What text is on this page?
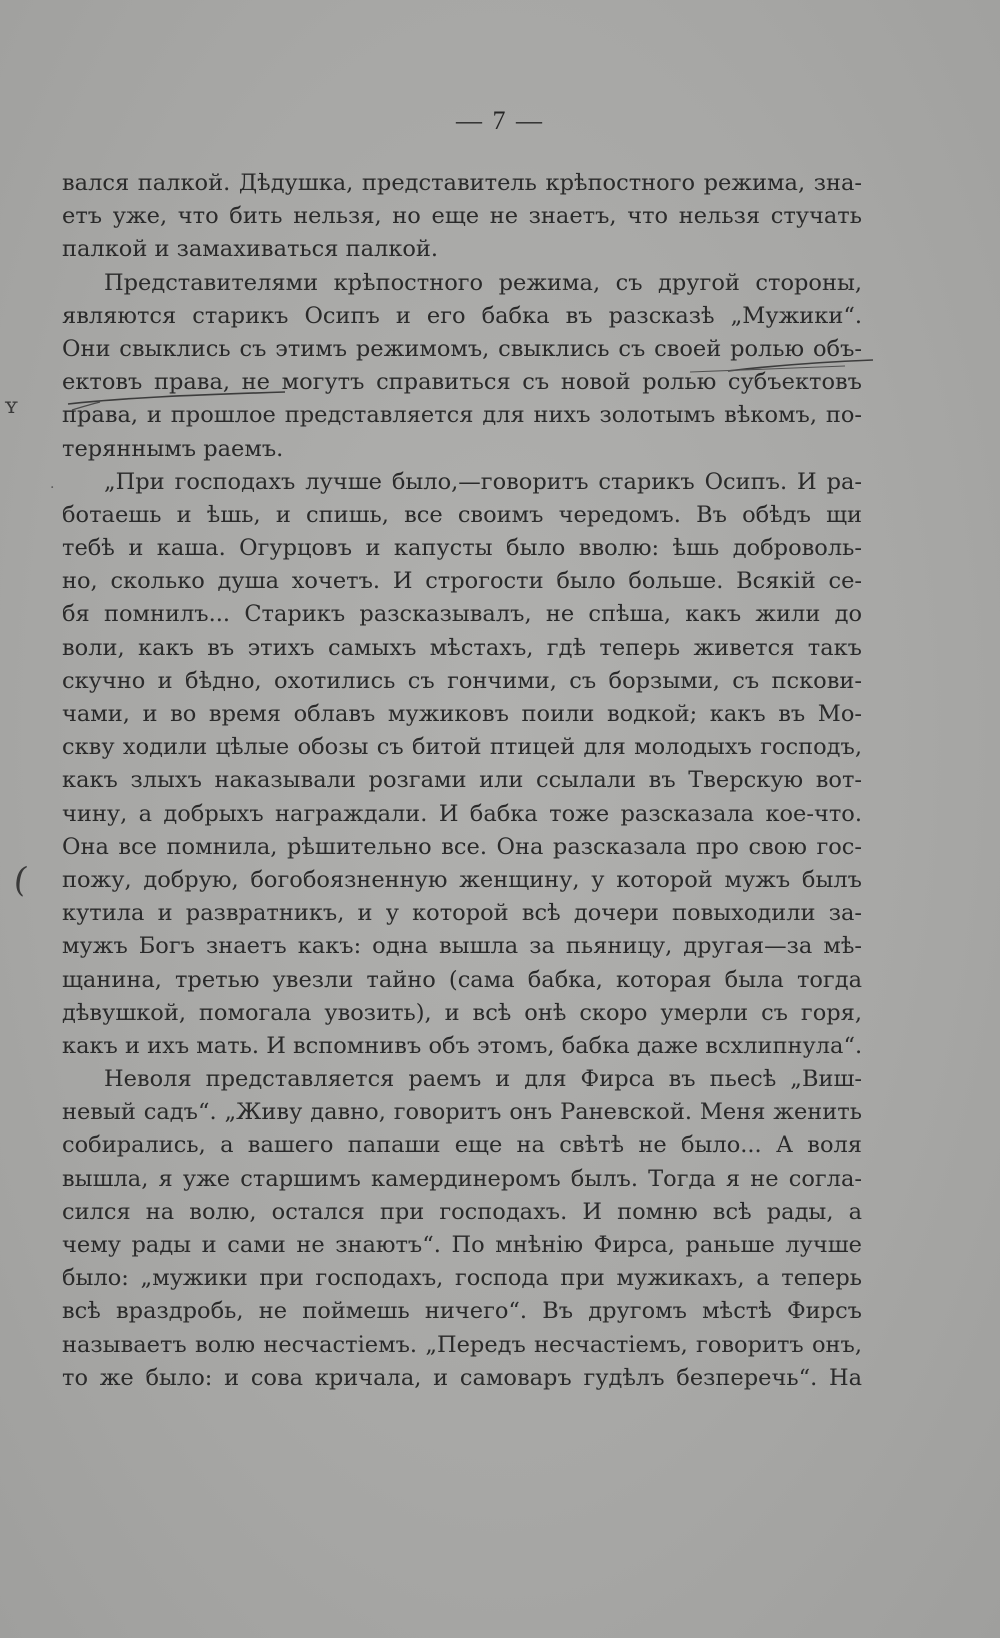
— 7 —
ʏ
(
·
вался палкой. Дѣдушка, представитель крѣпостного режима, зна-
етъ уже, что бить нельзя, но еще не знаетъ, что нельзя стучать
палкой и замахиваться палкой.
Представителями крѣпостного режима, съ другой стороны,
являются старикъ Осипъ и его бабка въ разсказѣ „Мужики“.
Они свыклись съ этимъ режимомъ, свыклись съ своей ролью объ-
ектовъ права, не могутъ справиться съ новой ролью субъектовъ
права, и прошлое представляется для нихъ золотымъ вѣкомъ, по-
теряннымъ раемъ.
„При господахъ лучше было,—говоритъ старикъ Осипъ. И ра-
ботаешь и ѣшь, и спишь, все своимъ чередомъ. Въ обѣдъ щи
тебѣ и каша. Огурцовъ и капусты было вволю: ѣшь доброволь-
но, сколько душа хочетъ. И строгости было больше. Всякій се-
бя помнилъ... Старикъ разсказывалъ, не спѣша, какъ жили до
воли, какъ въ этихъ самыхъ мѣстахъ, гдѣ теперь живется такъ
скучно и бѣдно, охотились съ гончими, съ борзыми, съ пскови-
чами, и во время облавъ мужиковъ поили водкой; какъ въ Мо-
скву ходили цѣлые обозы съ битой птицей для молодыхъ господъ,
какъ злыхъ наказывали розгами или ссылали въ Тверскую вот-
чину, а добрыхъ награждали. И бабка тоже разсказала кое-что.
Она все помнила, рѣшительно все. Она разсказала про свою гос-
пожу, добрую, богобоязненную женщину, у которой мужъ былъ
кутила и развратникъ, и у которой всѣ дочери повыходили за-
мужъ Богъ знаетъ какъ: одна вышла за пьяницу, другая—за мѣ-
щанина, третью увезли тайно (сама бабка, которая была тогда
дѣвушкой, помогала увозить), и всѣ онѣ скоро умерли съ горя,
какъ и ихъ мать. И вспомнивъ объ этомъ, бабка даже всхлипнула“.
Неволя представляется раемъ и для Фирса въ пьесѣ „Виш-
невый садъ“. „Живу давно, говоритъ онъ Раневской. Меня женить
собирались, а вашего папаши еще на свѣтѣ не было... А воля
вышла, я уже старшимъ камердинеромъ былъ. Тогда я не согла-
сился на волю, остался при господахъ. И помню всѣ рады, а
чему рады и сами не знаютъ“. По мнѣнію Фирса, раньше лучше
было: „мужики при господахъ, господа при мужикахъ, а теперь
всѣ враздробь, не поймешь ничего“. Въ другомъ мѣстѣ Фирсъ
называетъ волю несчастіемъ. „Передъ несчастіемъ, говоритъ онъ,
то же было: и сова кричала, и самоваръ гудѣлъ безперечь“. На
